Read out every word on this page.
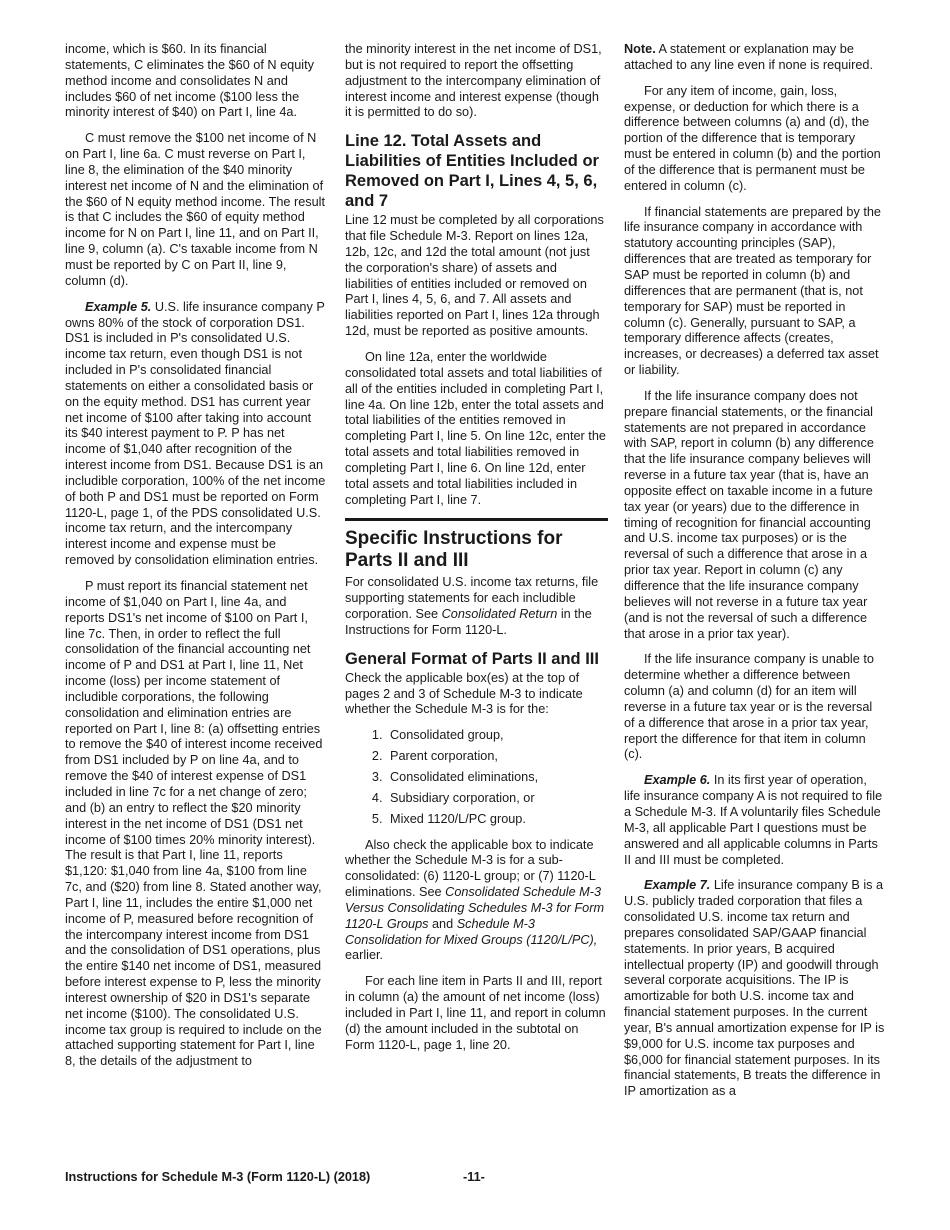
income, which is $60. In its financial statements, C eliminates the $60 of N equity method income and consolidates N and includes $60 of net income ($100 less the minority interest of $40) on Part I, line 4a.

C must remove the $100 net income of N on Part I, line 6a. C must reverse on Part I, line 8, the elimination of the $40 minority interest net income of N and the elimination of the $60 of N equity method income. The result is that C includes the $60 of equity method income for N on Part I, line 11, and on Part II, line 9, column (a). C's taxable income from N must be reported by C on Part II, line 9, column (d).

Example 5. U.S. life insurance company P owns 80% of the stock of corporation DS1. DS1 is included in P's consolidated U.S. income tax return, even though DS1 is not included in P's consolidated financial statements on either a consolidated basis or on the equity method. DS1 has current year net income of $100 after taking into account its $40 interest payment to P. P has net income of $1,040 after recognition of the interest income from DS1. Because DS1 is an includible corporation, 100% of the net income of both P and DS1 must be reported on Form 1120-L, page 1, of the PDS consolidated U.S. income tax return, and the intercompany interest income and expense must be removed by consolidation elimination entries.

P must report its financial statement net income of $1,040 on Part I, line 4a, and reports DS1's net income of $100 on Part I, line 7c. Then, in order to reflect the full consolidation of the financial accounting net income of P and DS1 at Part I, line 11, Net income (loss) per income statement of includible corporations, the following consolidation and elimination entries are reported on Part I, line 8: (a) offsetting entries to remove the $40 of interest income received from DS1 included by P on line 4a, and to remove the $40 of interest expense of DS1 included in line 7c for a net change of zero; and (b) an entry to reflect the $20 minority interest in the net income of DS1 (DS1 net income of $100 times 20% minority interest). The result is that Part I, line 11, reports $1,120: $1,040 from line 4a, $100 from line 7c, and ($20) from line 8. Stated another way, Part I, line 11, includes the entire $1,000 net income of P, measured before recognition of the intercompany interest income from DS1 and the consolidation of DS1 operations, plus the entire $140 net income of DS1, measured before interest expense to P, less the minority interest ownership of $20 in DS1's separate net income ($100). The consolidated U.S. income tax group is required to include on the attached supporting statement for Part I, line 8, the details of the adjustment to

the minority interest in the net income of DS1, but is not required to report the offsetting adjustment to the intercompany elimination of interest income and interest expense (though it is permitted to do so).

Line 12. Total Assets and Liabilities of Entities Included or Removed on Part I, Lines 4, 5, 6, and 7

Line 12 must be completed by all corporations that file Schedule M-3. Report on lines 12a, 12b, 12c, and 12d the total amount (not just the corporation's share) of assets and liabilities of entities included or removed on Part I, lines 4, 5, 6, and 7. All assets and liabilities reported on Part I, lines 12a through 12d, must be reported as positive amounts.

On line 12a, enter the worldwide consolidated total assets and total liabilities of all of the entities included in completing Part I, line 4a. On line 12b, enter the total assets and total liabilities of the entities removed in completing Part I, line 5. On line 12c, enter the total assets and total liabilities removed in completing Part I, line 6. On line 12d, enter total assets and total liabilities included in completing Part I, line 7.

Specific Instructions for Parts II and III

For consolidated U.S. income tax returns, file supporting statements for each includible corporation. See Consolidated Return in the Instructions for Form 1120-L.

General Format of Parts II and III

Check the applicable box(es) at the top of pages 2 and 3 of Schedule M-3 to indicate whether the Schedule M-3 is for the:

1. Consolidated group,
2. Parent corporation,
3. Consolidated eliminations,
4. Subsidiary corporation, or
5. Mixed 1120/L/PC group.

Also check the applicable box to indicate whether the Schedule M-3 is for a sub-consolidated: (6) 1120-L group; or (7) 1120-L eliminations. See Consolidated Schedule M-3 Versus Consolidating Schedules M-3 for Form 1120-L Groups and Schedule M-3 Consolidation for Mixed Groups (1120/L/PC), earlier.

For each line item in Parts II and III, report in column (a) the amount of net income (loss) included in Part I, line 11, and report in column (d) the amount included in the subtotal on Form 1120-L, page 1, line 20.

Note. A statement or explanation may be attached to any line even if none is required.

For any item of income, gain, loss, expense, or deduction for which there is a difference between columns (a) and (d), the portion of the difference that is temporary must be entered in column (b) and the portion of the difference that is permanent must be entered in column (c).

If financial statements are prepared by the life insurance company in accordance with statutory accounting principles (SAP), differences that are treated as temporary for SAP must be reported in column (b) and differences that are permanent (that is, not temporary for SAP) must be reported in column (c). Generally, pursuant to SAP, a temporary difference affects (creates, increases, or decreases) a deferred tax asset or liability.

If the life insurance company does not prepare financial statements, or the financial statements are not prepared in accordance with SAP, report in column (b) any difference that the life insurance company believes will reverse in a future tax year (that is, have an opposite effect on taxable income in a future tax year (or years) due to the difference in timing of recognition for financial accounting and U.S. income tax purposes) or is the reversal of such a difference that arose in a prior tax year. Report in column (c) any difference that the life insurance company believes will not reverse in a future tax year (and is not the reversal of such a difference that arose in a prior tax year).

If the life insurance company is unable to determine whether a difference between column (a) and column (d) for an item will reverse in a future tax year or is the reversal of a difference that arose in a prior tax year, report the difference for that item in column (c).

Example 6. In its first year of operation, life insurance company A is not required to file a Schedule M-3. If A voluntarily files Schedule M-3, all applicable Part I questions must be answered and all applicable columns in Parts II and III must be completed.

Example 7. Life insurance company B is a U.S. publicly traded corporation that files a consolidated U.S. income tax return and prepares consolidated SAP/GAAP financial statements. In prior years, B acquired intellectual property (IP) and goodwill through several corporate acquisitions. The IP is amortizable for both U.S. income tax and financial statement purposes. In the current year, B's annual amortization expense for IP is $9,000 for U.S. income tax purposes and $6,000 for financial statement purposes. In its financial statements, B treats the difference in IP amortization as a

Instructions for Schedule M-3 (Form 1120-L) (2018)	-11-
